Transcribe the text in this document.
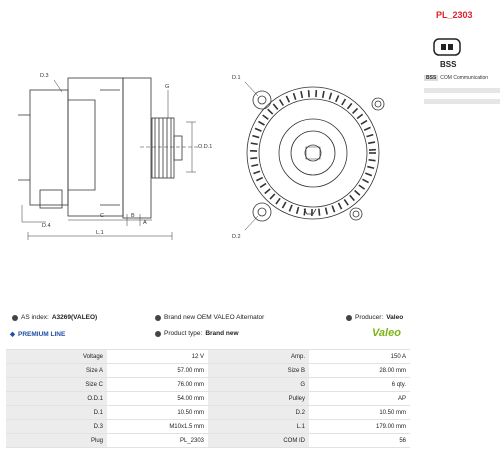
D.3
G
O.D.1
D.4
C	B
A
L.1
D.1
D.2
PL_2303
BSS
BSS COM Communication
AS index: A3269(VALEO)	Brand new OEM VALEO Alternator	Producer: Valeo
◆ PREMIUM LINE	Product type: Brand new	Valeo
Voltage	12 V	Amp.	150 A
Size A	57.00 mm	Size B	28.00 mm
Size C	76.00 mm	G	6 qty.
O.D.1	54.00 mm	Pulley	AP
D.1	10.50 mm	D.2	10.50 mm
D.3	M10x1.5 mm	L.1	179.00 mm
Plug	PL_2303	COM ID	56
